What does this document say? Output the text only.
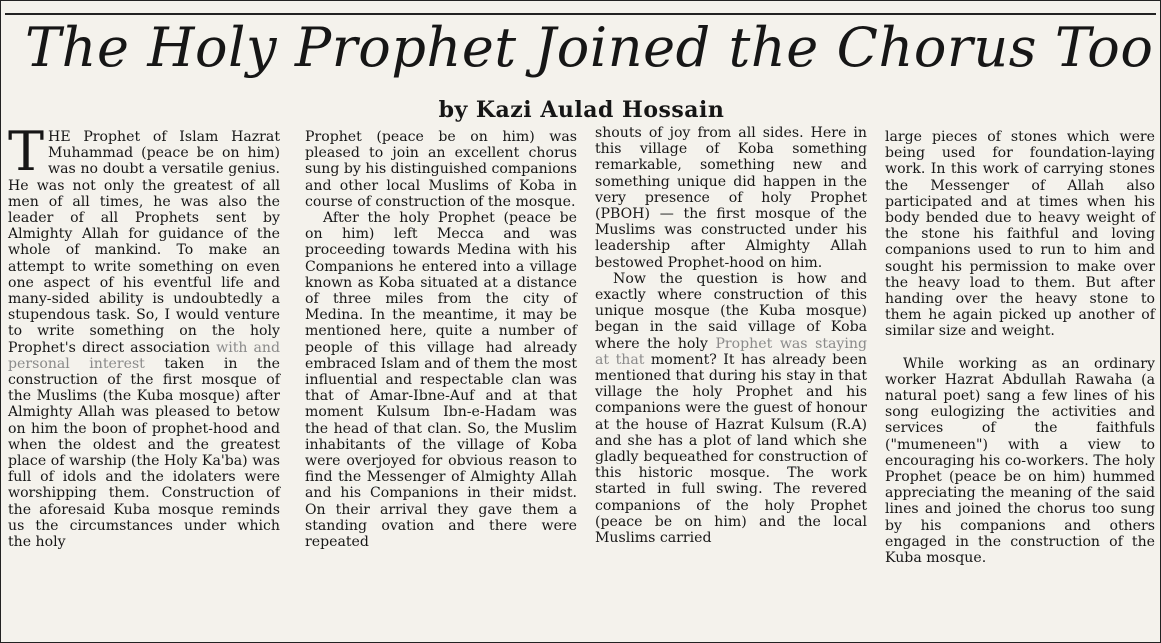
The Holy Prophet Joined the Chorus Too
by Kazi Aulad Hossain

THE Prophet of Islam Hazrat Muhammad (peace be on him) was no doubt a versatile genius. He was not only the greatest of all men of all times, he was also the leader of all Prophets sent by Almighty Allah for guidance of the whole of mankind. To make an attempt to write something on even one aspect of his eventful life and many-sided ability is undoubtedly a stupendous task. So, I would venture to write something on the holy Prophet's direct association with and personal interest taken in the construction of the first mosque of the Muslims (the Kuba mosque) after Almighty Allah was pleased to betow on him the boon of prophet-hood and when the oldest and the greatest place of warship (the Holy Ka'ba) was full of idols and the idolaters were worshipping them. Construction of the aforesaid Kuba mosque reminds us the circumstances under which the holy

Prophet (peace be on him) was pleased to join an excellent chorus sung by his distinguished companions and other local Muslims of Koba in course of construction of the mosque.

After the holy Prophet (peace be on him) left Mecca and was proceeding towards Medina with his Companions he entered into a village known as Koba situated at a distance of three miles from the city of Medina. In the meantime, it may be mentioned here, quite a number of people of this village had already embraced Islam and of them the most influential and respectable clan was that of Amar-Ibne-Auf and at that moment Kulsum Ibn-e-Hadam was the head of that clan. So, the Muslim inhabitants of the village of Koba were overjoyed for obvious reason to find the Messenger of Almighty Allah and his Companions in their midst. On their arrival they gave them a standing ovation and there were repeated

shouts of joy from all sides. Here in this village of Koba something remarkable, something new and something unique did happen in the very presence of holy Prophet (PBOH) — the first mosque of the Muslims was constructed under his leadership after Almighty Allah bestowed Prophet-hood on him.

Now the question is how and exactly where construction of this unique mosque (the Kuba mosque) began in the said village of Koba where the holy Prophet was staying at that moment? It has already been mentioned that during his stay in that village the holy Prophet and his companions were the guest of honour at the house of Hazrat Kulsum (R.A) and she has a plot of land which she gladly bequeathed for construction of this historic mosque. The work started in full swing. The revered companions of the holy Prophet (peace be on him) and the local Muslims carried

large pieces of stones which were being used for foundation-laying work. In this work of carrying stones the Messenger of Allah also participated and at times when his body bended due to heavy weight of the stone his faithful and loving companions used to run to him and sought his permission to make over the heavy load to them. But after handing over the heavy stone to them he again picked up another of similar size and weight.

While working as an ordinary worker Hazrat Abdullah Rawaha (a natural poet) sang a few lines of his song eulogizing the activities and services of the faithfuls ("mumeneen") with a view to encouraging his co-workers. The holy Prophet (peace be on him) hummed appreciating the meaning of the said lines and joined the chorus too sung by his companions and others engaged in the construction of the Kuba mosque.
